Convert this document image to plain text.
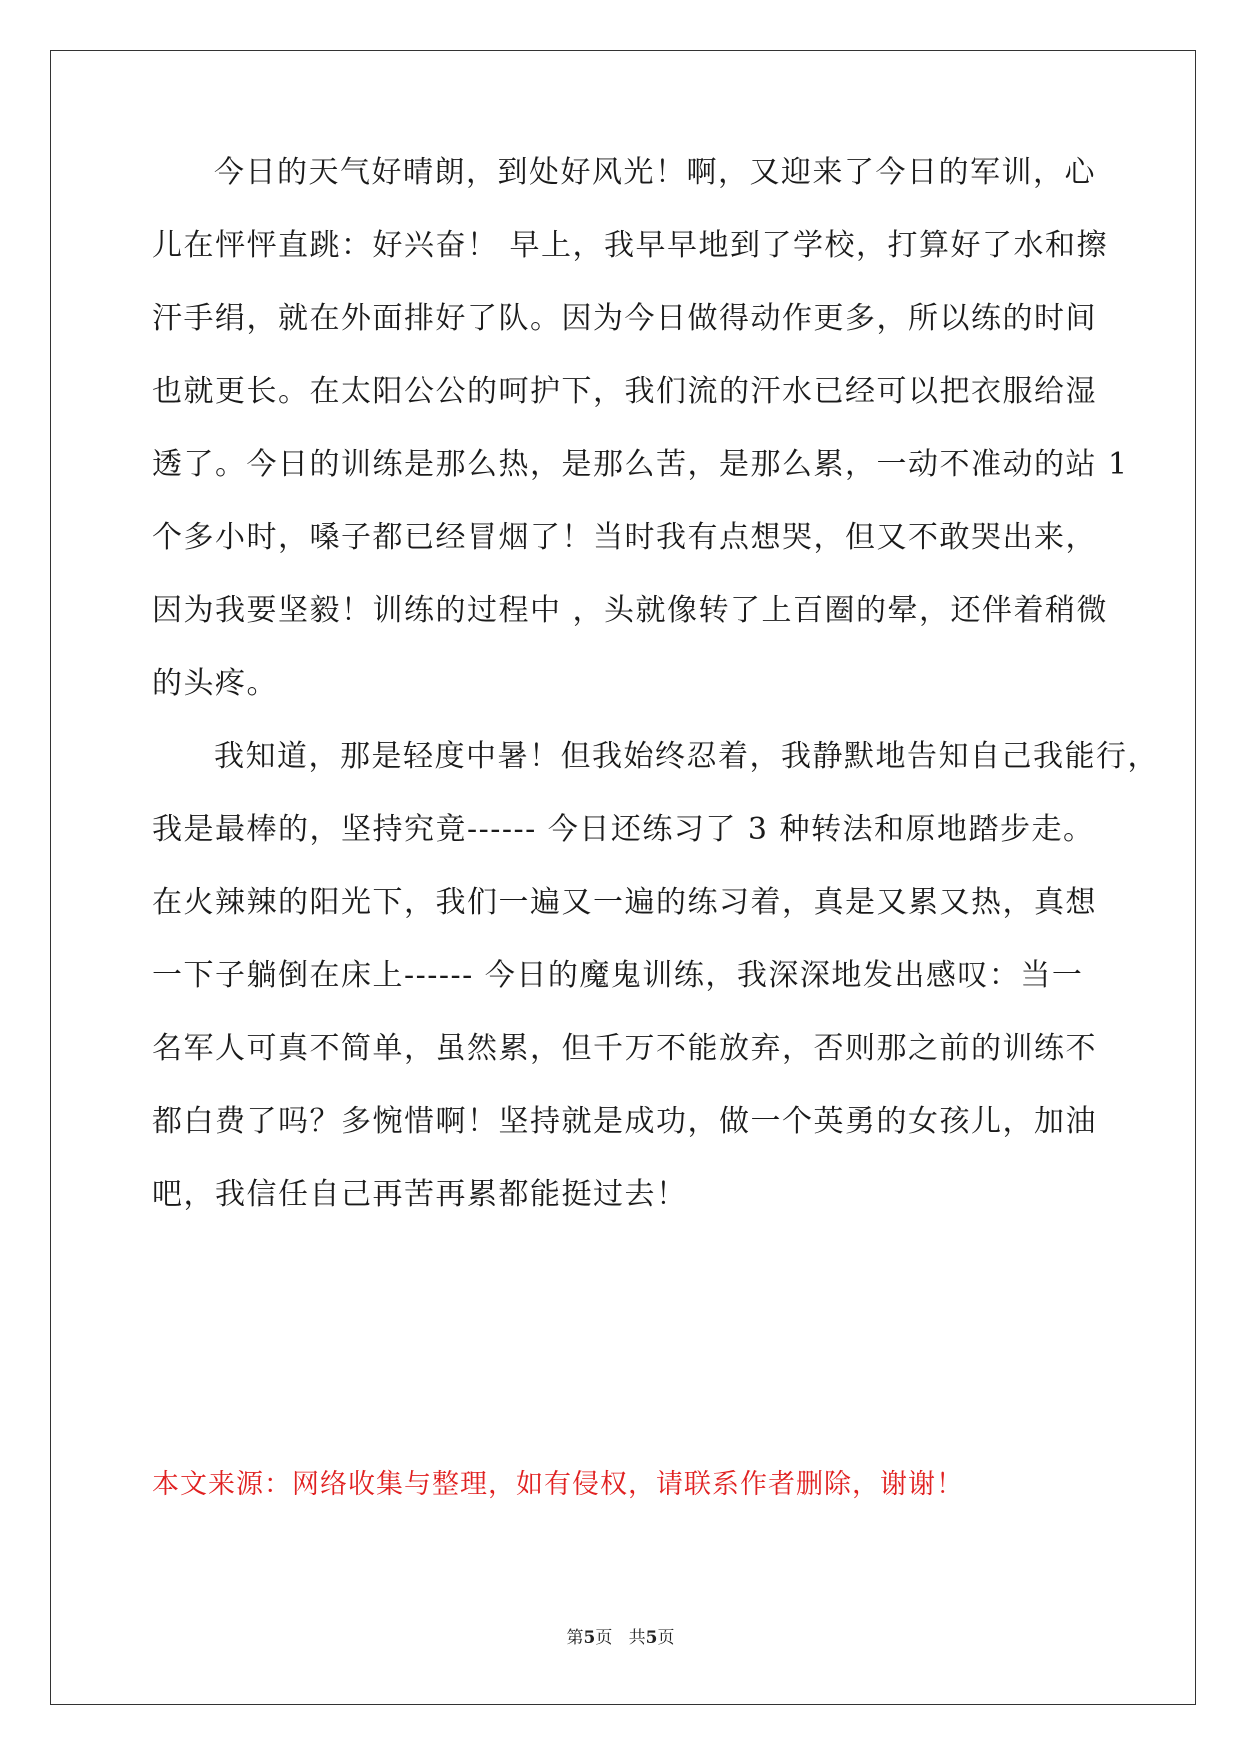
今日的天气好晴朗，到处好风光！啊，又迎来了今日的军训，心
儿在怦怦直跳：好兴奋！ 早上，我早早地到了学校，打算好了水和擦
汗手绢，就在外面排好了队。因为今日做得动作更多，所以练的时间
也就更长。在太阳公公的呵护下，我们流的汗水已经可以把衣服给湿
透了。今日的训练是那么热，是那么苦，是那么累，一动不准动的站 1
个多小时，嗓子都已经冒烟了！当时我有点想哭，但又不敢哭出来，
因为我要坚毅！训练的过程中 ，头就像转了上百圈的晕，还伴着稍微
的头疼。
我知道，那是轻度中暑！但我始终忍着，我静默地告知自己我能行，
我是最棒的，坚持究竟------ 今日还练习了 3 种转法和原地踏步走。
在火辣辣的阳光下，我们一遍又一遍的练习着，真是又累又热，真想
一下子躺倒在床上------ 今日的魔鬼训练，我深深地发出感叹：当一
名军人可真不简单，虽然累，但千万不能放弃，否则那之前的训练不
都白费了吗？多惋惜啊！坚持就是成功，做一个英勇的女孩儿，加油
吧，我信任自己再苦再累都能挺过去！
本文来源：网络收集与整理，如有侵权，请联系作者删除，谢谢！
第5页 共5页
